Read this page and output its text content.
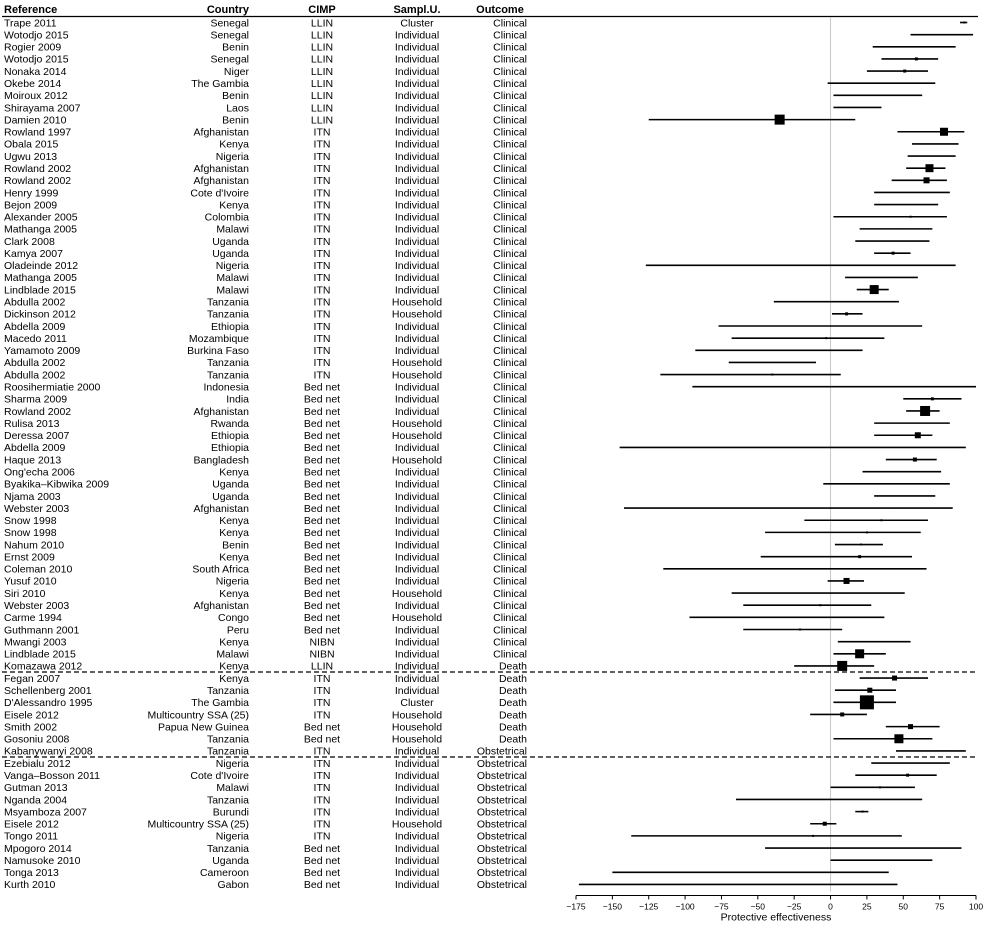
Reference	Country	CIMP	Sampl.U.	Outcome
Trape 2011	Senegal	LLIN	Cluster	Clinical
Wotodjo 2015	Senegal	LLIN	Individual	Clinical
Rogier 2009	Benin	LLIN	Individual	Clinical
Wotodjo 2015	Senegal	LLIN	Individual	Clinical
Nonaka 2014	Niger	LLIN	Individual	Clinical
Okebe 2014	The Gambia	LLIN	Individual	Clinical
Moiroux 2012	Benin	LLIN	Individual	Clinical
Shirayama 2007	Laos	LLIN	Individual	Clinical
Damien 2010	Benin	LLIN	Individual	Clinical
Rowland 1997	Afghanistan	ITN	Individual	Clinical
Obala 2015	Kenya	ITN	Individual	Clinical
Ugwu 2013	Nigeria	ITN	Individual	Clinical
Rowland 2002	Afghanistan	ITN	Individual	Clinical
Rowland 2002	Afghanistan	ITN	Individual	Clinical
Henry 1999	Cote d'Ivoire	ITN	Individual	Clinical
Bejon 2009	Kenya	ITN	Individual	Clinical
Alexander 2005	Colombia	ITN	Individual	Clinical
Mathanga 2005	Malawi	ITN	Individual	Clinical
Clark 2008	Uganda	ITN	Individual	Clinical
Kamya 2007	Uganda	ITN	Individual	Clinical
Oladeinde 2012	Nigeria	ITN	Individual	Clinical
Mathanga 2005	Malawi	ITN	Individual	Clinical
Lindblade 2015	Malawi	ITN	Individual	Clinical
Abdulla 2002	Tanzania	ITN	Household	Clinical
Dickinson 2012	Tanzania	ITN	Household	Clinical
Abdella 2009	Ethiopia	ITN	Individual	Clinical
Macedo 2011	Mozambique	ITN	Individual	Clinical
Yamamoto 2009	Burkina Faso	ITN	Individual	Clinical
Abdulla 2002	Tanzania	ITN	Household	Clinical
Abdulla 2002	Tanzania	ITN	Household	Clinical
Roosihermiatie 2000	Indonesia	Bed net	Individual	Clinical
Sharma 2009	India	Bed net	Individual	Clinical
Rowland 2002	Afghanistan	Bed net	Individual	Clinical
Rulisa 2013	Rwanda	Bed net	Household	Clinical
Deressa 2007	Ethiopia	Bed net	Household	Clinical
Abdella 2009	Ethiopia	Bed net	Individual	Clinical
Haque 2013	Bangladesh	Bed net	Household	Clinical
Ong'echa 2006	Kenya	Bed net	Individual	Clinical
Byakika–Kibwika 2009	Uganda	Bed net	Individual	Clinical
Njama 2003	Uganda	Bed net	Individual	Clinical
Webster 2003	Afghanistan	Bed net	Individual	Clinical
Snow 1998	Kenya	Bed net	Individual	Clinical
Snow 1998	Kenya	Bed net	Individual	Clinical
Nahum 2010	Benin	Bed net	Individual	Clinical
Ernst 2009	Kenya	Bed net	Individual	Clinical
Coleman 2010	South Africa	Bed net	Individual	Clinical
Yusuf 2010	Nigeria	Bed net	Individual	Clinical
Siri 2010	Kenya	Bed net	Household	Clinical
Webster 2003	Afghanistan	Bed net	Individual	Clinical
Carme 1994	Congo	Bed net	Household	Clinical
Guthmann 2001	Peru	Bed net	Individual	Clinical
Mwangi 2003	Kenya	NIBN	Individual	Clinical
Lindblade 2015	Malawi	NIBN	Individual	Clinical
Komazawa 2012	Kenya	LLIN	Individual	Death
Fegan 2007	Kenya	ITN	Individual	Death
Schellenberg 2001	Tanzania	ITN	Individual	Death
D'Alessandro 1995	The Gambia	ITN	Cluster	Death
Eisele 2012	Multicountry SSA (25)	ITN	Household	Death
Smith 2002	Papua New Guinea	Bed net	Household	Death
Gosoniu 2008	Tanzania	Bed net	Household	Death
Kabanywanyi 2008	Tanzania	ITN	Individual	Obstetrical
Ezebialu 2012	Nigeria	ITN	Individual	Obstetrical
Vanga–Bosson 2011	Cote d'Ivoire	ITN	Individual	Obstetrical
Gutman 2013	Malawi	ITN	Individual	Obstetrical
Nganda 2004	Tanzania	ITN	Individual	Obstetrical
Msyamboza 2007	Burundi	ITN	Individual	Obstetrical
Eisele 2012	Multicountry SSA (25)	ITN	Household	Obstetrical
Tongo 2011	Nigeria	ITN	Individual	Obstetrical
Mpogoro 2014	Tanzania	Bed net	Individual	Obstetrical
Namusoke 2010	Uganda	Bed net	Individual	Obstetrical
Tonga 2013	Cameroon	Bed net	Individual	Obstetrical
Kurth 2010	Gabon	Bed net	Individual	Obstetrical
−175 −150 −125 −100 −75	−50	−25	0	25	50	75	100
Protective effectiveness
